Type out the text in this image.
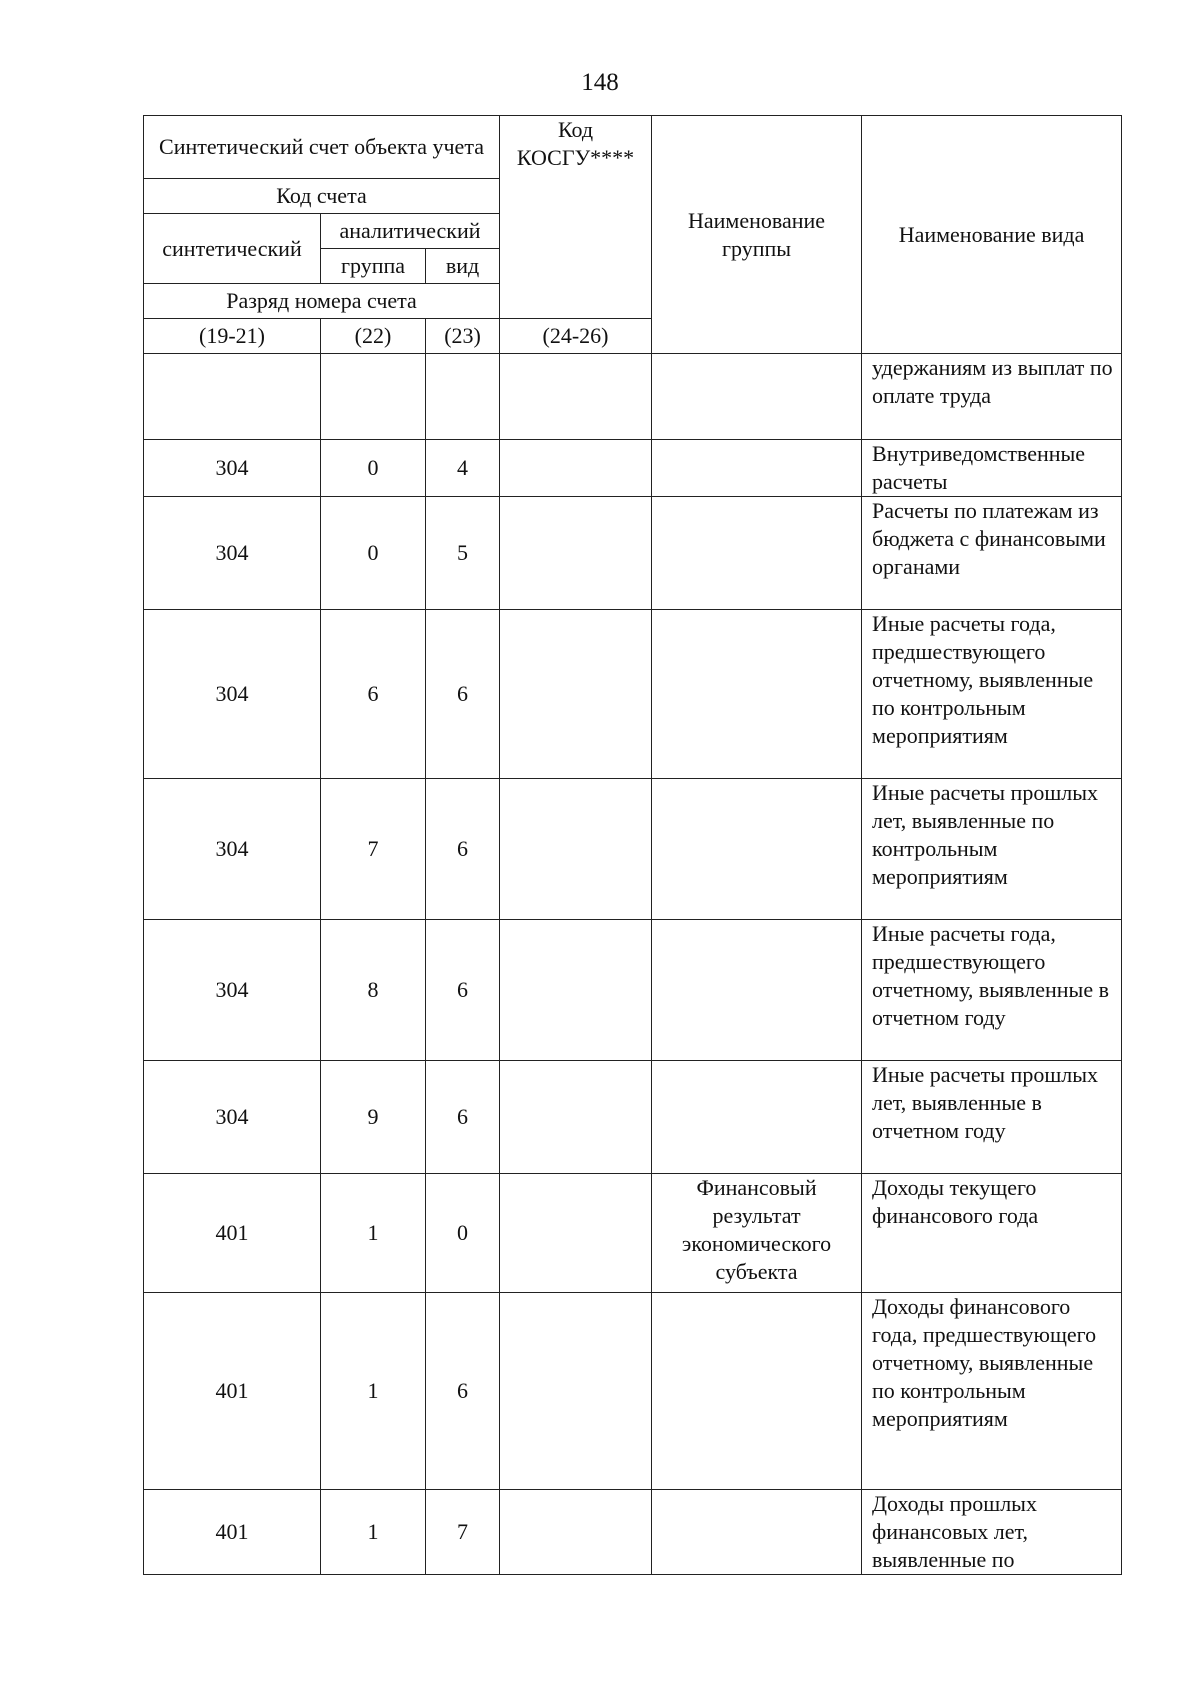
148
Синтетический счет объекта учета			Код КОСГУ****	Наименование группы	Наименование вида
Код счета					
синтетический	аналитический				
	группа	вид			
Разряд номера счета					
(19-21)	(22)	(23)	(24-26)		
					удержаниям из выплат по оплате труда
304	0	4			Внутриведомственные расчеты
304	0	5			Расчеты по платежам из бюджета с финансовыми органами
304	6	6			Иные расчеты года, предшествующего отчетному, выявленные по контрольным мероприятиям
304	7	6			Иные расчеты прошлых лет, выявленные по контрольным мероприятиям
304	8	6			Иные расчеты года, предшествующего отчетному, выявленные в отчетном году
304	9	6			Иные расчеты прошлых лет, выявленные в отчетном году
401	1	0		Финансовый результат экономического субъекта	Доходы текущего финансового года
401	1	6			Доходы финансового года, предшествующего отчетному, выявленные по контрольным мероприятиям
401	1	7			Доходы прошлых финансовых лет, выявленные по
